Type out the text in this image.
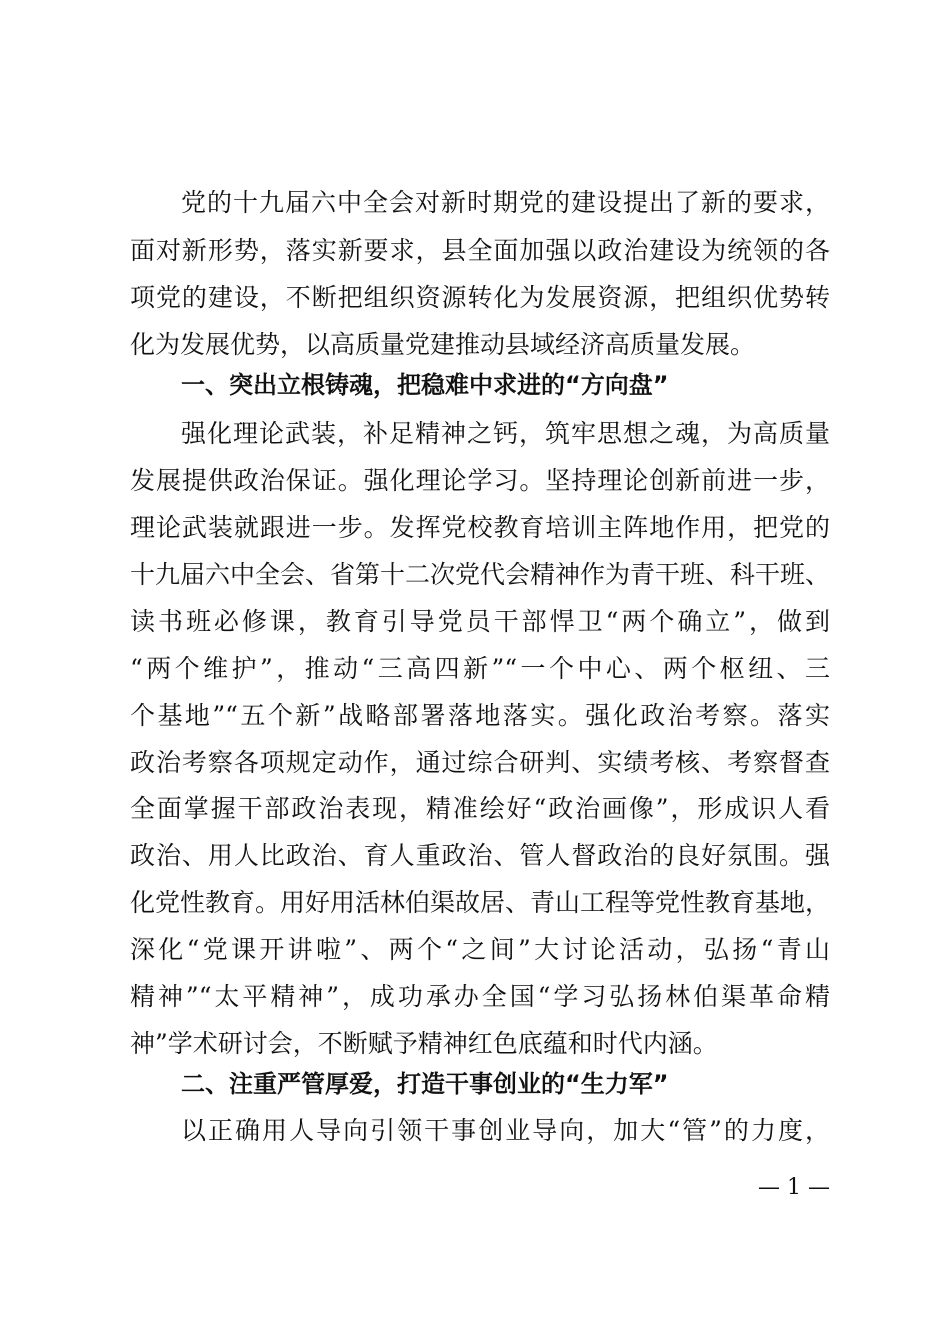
党的十九届六中全会对新时期党的建设提出了新的要求，
面对新形势，落实新要求，县全面加强以政治建设为统领的各
项党的建设，不断把组织资源转化为发展资源，把组织优势转
化为发展优势，以高质量党建推动县域经济高质量发展。
一、突出立根铸魂，把稳难中求进的“方向盘”
强化理论武装，补足精神之钙，筑牢思想之魂，为高质量
发展提供政治保证。强化理论学习。坚持理论创新前进一步，
理论武装就跟进一步。发挥党校教育培训主阵地作用，把党的
十九届六中全会、省第十二次党代会精神作为青干班、科干班、
读书班必修课，教育引导党员干部悍卫“两个确立”，做到
“两个维护”，推动“三高四新”“一个中心、两个枢纽、三
个基地”“五个新”战略部署落地落实。强化政治考察。落实
政治考察各项规定动作，通过综合研判、实绩考核、考察督查
全面掌握干部政治表现，精准绘好“政治画像”，形成识人看
政治、用人比政治、育人重政治、管人督政治的良好氛围。强
化党性教育。用好用活林伯渠故居、青山工程等党性教育基地，
深化“党课开讲啦”、两个“之间”大讨论活动，弘扬“青山
精神”“太平精神”，成功承办全国“学习弘扬林伯渠革命精
神”学术研讨会，不断赋予精神红色底蕴和时代内涵。
二、注重严管厚爱，打造干事创业的“生力军”
以正确用人导向引领干事创业导向，加大“管”的力度，
— 1 —
